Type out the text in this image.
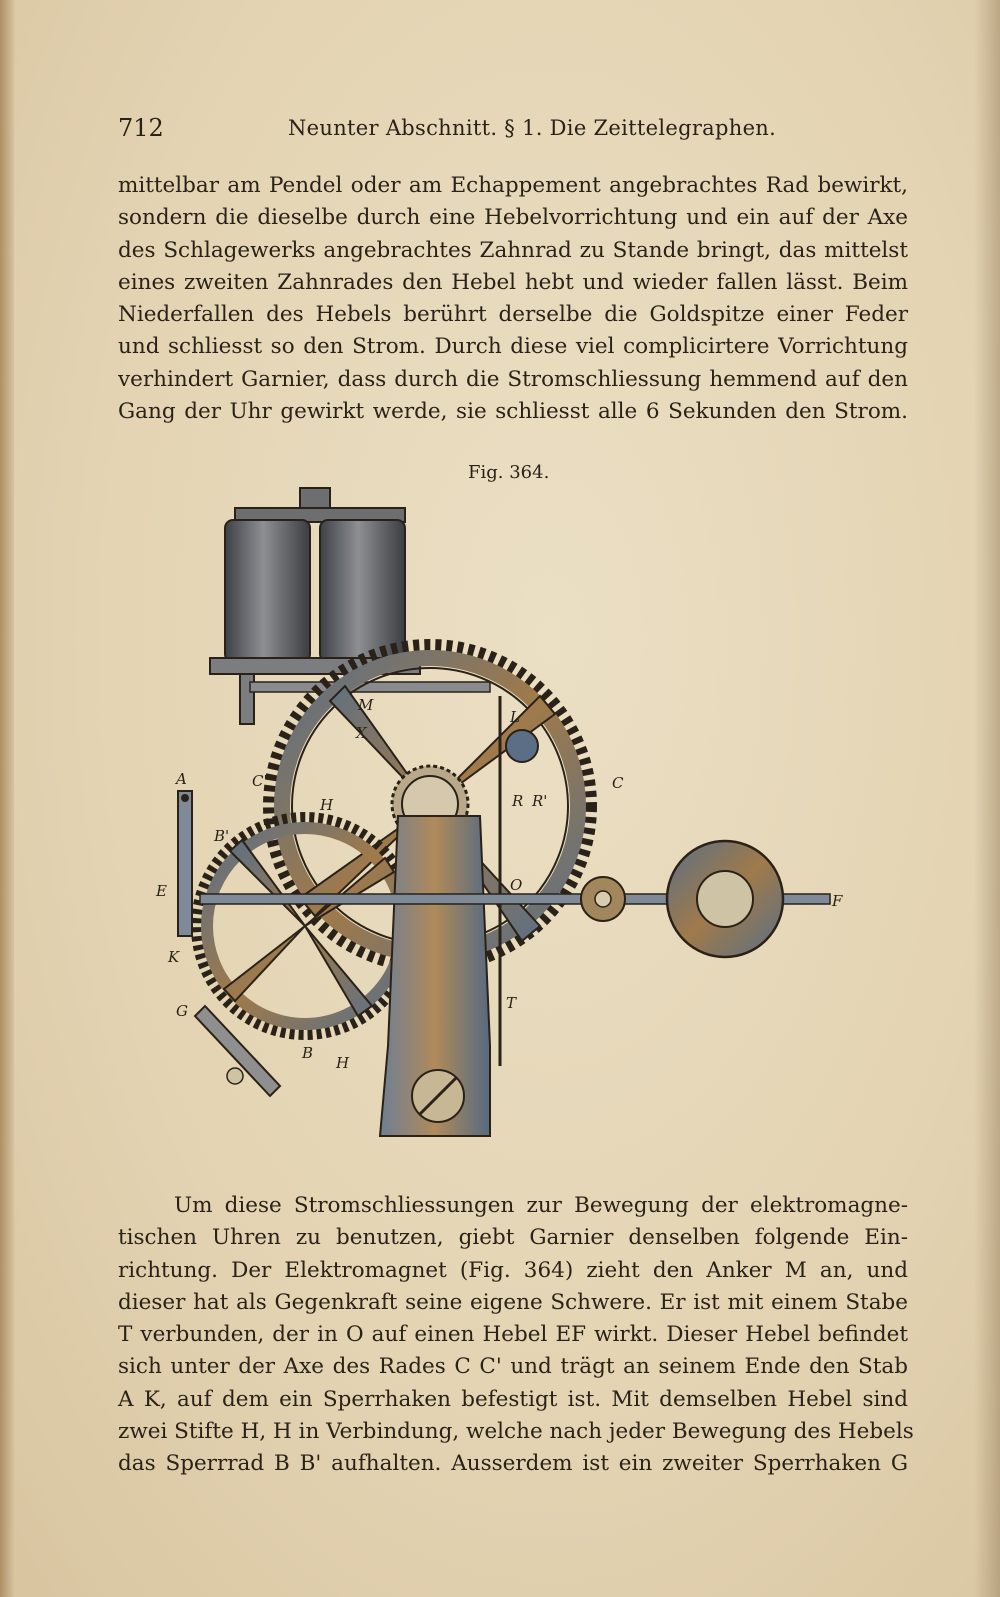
712	Neunter Abschnitt. § 1. Die Zeittelegraphen.

mittelbar am Pendel oder am Echappement angebrachtes Rad bewirkt,
sondern die dieselbe durch eine Hebelvorrichtung und ein auf der Axe
des Schlagewerks angebrachtes Zahnrad zu Stande bringt, das mittelst
eines zweiten Zahnrades den Hebel hebt und wieder fallen lässt. Beim
Niederfallen des Hebels berührt derselbe die Goldspitze einer Feder
und schliesst so den Strom. Durch diese viel complicirtere Vorrichtung
verhindert Garnier, dass durch die Stromschliessung hemmend auf den
Gang der Uhr gewirkt werde, sie schliesst alle 6 Sekunden den Strom.

Fig. 364.
A
B'
E
K
G
B
H
C'
M
L
X
H	R R'
C
O
T
F

Um diese Stromschliessungen zur Bewegung der elektromagne-
tischen Uhren zu benutzen, giebt Garnier denselben folgende Ein-
richtung. Der Elektromagnet (Fig. 364) zieht den Anker M an, und
dieser hat als Gegenkraft seine eigene Schwere. Er ist mit einem Stabe
T verbunden, der in O auf einen Hebel EF wirkt. Dieser Hebel befindet
sich unter der Axe des Rades C C' und trägt an seinem Ende den Stab
A K, auf dem ein Sperrhaken befestigt ist. Mit demselben Hebel sind
zwei Stifte H, H in Verbindung, welche nach jeder Bewegung des Hebels
das Sperrrad B B' aufhalten. Ausserdem ist ein zweiter Sperrhaken G
